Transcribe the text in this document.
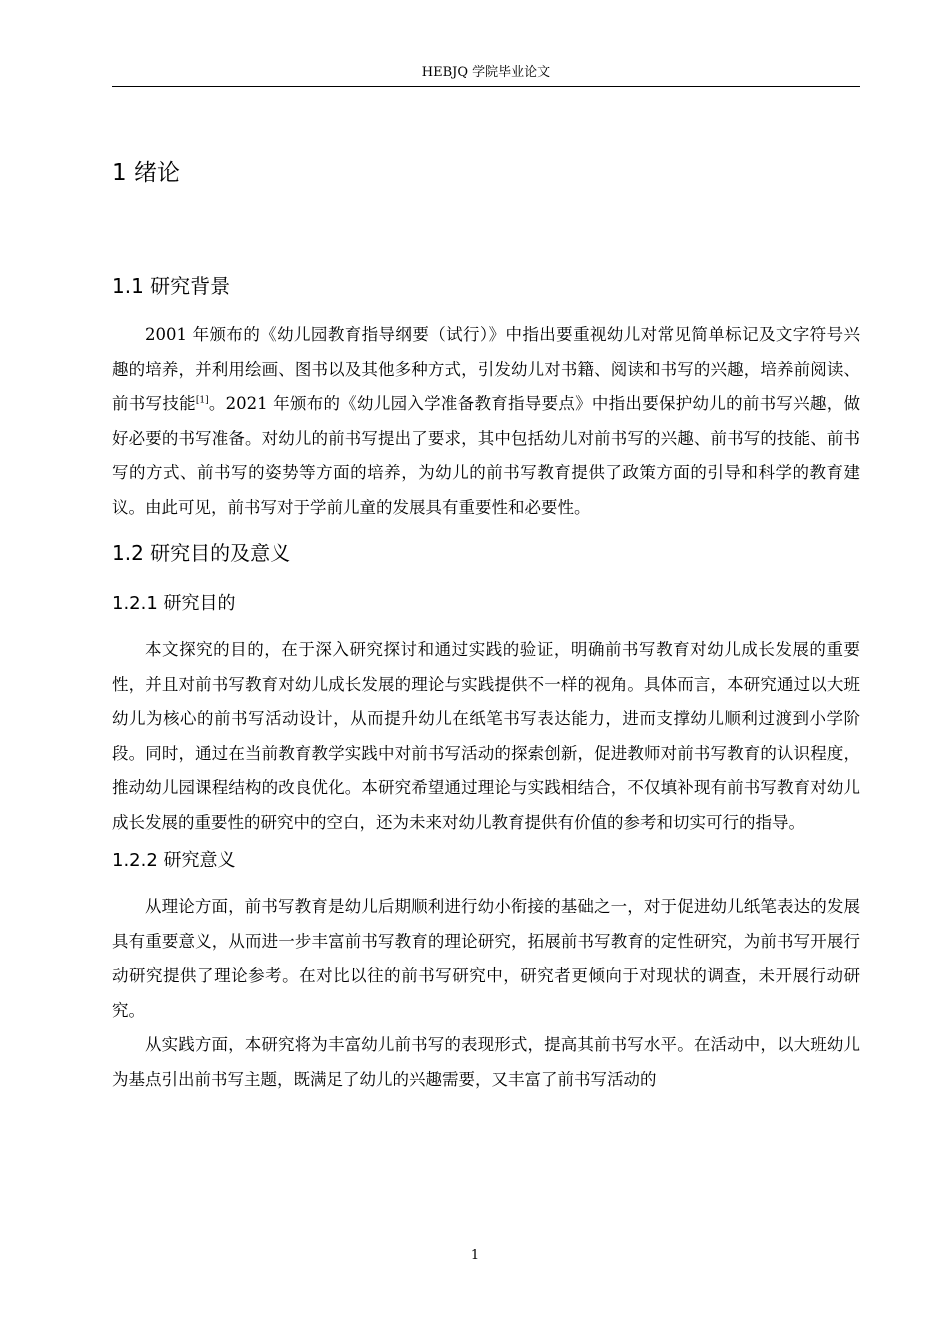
HEBJQ 学院毕业论文
1 绪论
1.1 研究背景

2001 年颁布的《幼儿园教育指导纲要（试行）》中指出要重视幼儿对常见简单标记及文字符号兴趣的培养，并利用绘画、图书以及其他多种方式，引发幼儿对书籍、阅读和书写的兴趣，培养前阅读、前书写技能[1]。2021 年颁布的《幼儿园入学准备教育指导要点》中指出要保护幼儿的前书写兴趣，做好必要的书写准备。对幼儿的前书写提出了要求，其中包括幼儿对前书写的兴趣、前书写的技能、前书写的方式、前书写的姿势等方面的培养，为幼儿的前书写教育提供了政策方面的引导和科学的教育建议。由此可见，前书写对于学前儿童的发展具有重要性和必要性。

1.2 研究目的及意义
1.2.1 研究目的

本文探究的目的，在于深入研究探讨和通过实践的验证，明确前书写教育对幼儿成长发展的重要性，并且对前书写教育对幼儿成长发展的理论与实践提供不一样的视角。具体而言，本研究通过以大班幼儿为核心的前书写活动设计，从而提升幼儿在纸笔书写表达能力，进而支撑幼儿顺利过渡到小学阶段。同时，通过在当前教育教学实践中对前书写活动的探索创新，促进教师对前书写教育的认识程度，推动幼儿园课程结构的改良优化。本研究希望通过理论与实践相结合，不仅填补现有前书写教育对幼儿成长发展的重要性的研究中的空白，还为未来对幼儿教育提供有价值的参考和切实可行的指导。

1.2.2 研究意义

从理论方面，前书写教育是幼儿后期顺利进行幼小衔接的基础之一，对于促进幼儿纸笔表达的发展具有重要意义，从而进一步丰富前书写教育的理论研究，拓展前书写教育的定性研究，为前书写开展行动研究提供了理论参考。在对比以往的前书写研究中，研究者更倾向于对现状的调查，未开展行动研究。

从实践方面，本研究将为丰富幼儿前书写的表现形式，提高其前书写水平。在活动中，以大班幼儿为基点引出前书写主题，既满足了幼儿的兴趣需要，又丰富了前书写活动的

1
